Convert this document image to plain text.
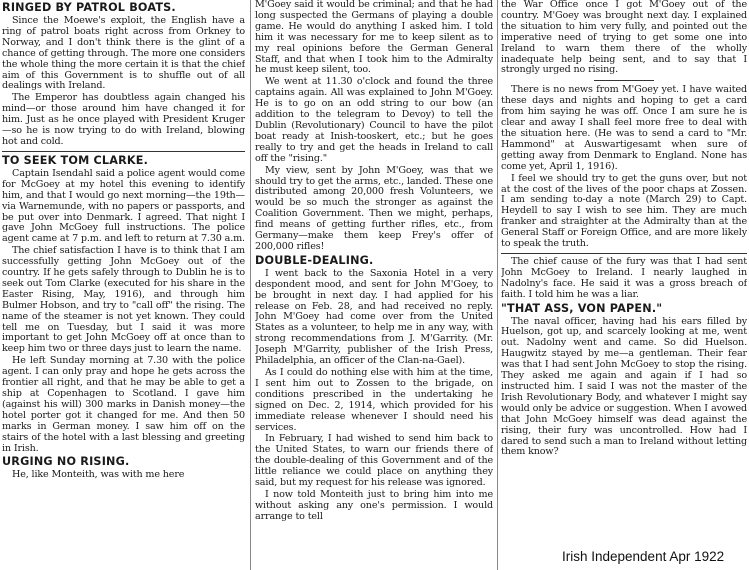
RINGED BY PATROL BOATS.

Since the Moewe's exploit, the English have a ring of patrol boats right across from Orkney to Norway, and I don't think there is the glint of a chance of getting through. The more one considers the whole thing the more certain it is that the chief aim of this Government is to shuffle out of all dealings with Ireland.

The Emperor has doubtless again changed his mind—or those around him have changed it for him. Just as he once played with President Kruger—so he is now trying to do with Ireland, blowing hot and cold.

TO SEEK TOM CLARKE.

Captain Isendahl said a police agent would come for McGoey at my hotel this evening to identify him, and that I would go next morning—the 19th—via Warnemunde, with no papers or passports, and be put over into Denmark. I agreed. That night I gave John McGoey full instructions. The police agent came at 7 p.m. and left to return at 7.30 a.m.

The chief satisfaction I have is to think that I am successfully getting John McGoey out of the country. If he gets safely through to Dublin he is to seek out Tom Clarke (executed for his share in the Easter Rising, May, 1916), and through him Bulmer Hobson, and try to "call off" the rising. The name of the steamer is not yet known. They could tell me on Tuesday, but I said it was more important to get John McGoey off at once than to keep him two or three days just to learn the name.

He left Sunday morning at 7.30 with the police agent. I can only pray and hope he gets across the frontier all right, and that he may be able to get a ship at Copenhagen to Scotland. I gave him (against his will) 300 marks in Danish money—the hotel porter got it changed for me. And then 50 marks in German money. I saw him off on the stairs of the hotel with a last blessing and greeting in Irish.

URGING NO RISING.

He, like Monteith, was with me here

M'Goey said it would be criminal; and that he had long suspected the Germans of playing a double game. He would do anything I asked him. I told him it was necessary for me to keep silent as to my real opinions before the German General Staff, and that when I took him to the Admiralty he must keep silent, too.

We went at 11.30 o'clock and found the three captains again. All was explained to John M'Goey. He is to go on an odd string to our bow (an addition to the telegram to Devoy) to tell the Dublin (Revolutionary) Council to have the pilot boat ready at Inish-tooskert, etc.; but he goes really to try and get the heads in Ireland to call off the "rising."

My view, sent by John M'Goey, was that we should try to get the arms, etc., landed. These one distributed among 20,000 fresh Volunteers, we would be so much the stronger as against the Coalition Government. Then we might, perhaps, find means of getting further rifles, etc., from Germany—make them keep Frey's offer of 200,000 rifles!

DOUBLE-DEALING.

I went back to the Saxonia Hotel in a very despondent mood, and sent for John M'Goey, to be brought in next day. I had applied for his release on Feb. 28, and had received no reply. John M'Goey had come over from the United States as a volunteer, to help me in any way, with strong recommendations from J. M'Garrity. (Mr. Joseph M'Garrity, publisher of the Irish Press, Philadelphia, an officer of the Clan-na-Gael).

As I could do nothing else with him at the time, I sent him out to Zossen to the brigade, on conditions prescribed in the undertaking he signed on Dec. 2, 1914, which provided for his immediate release whenever I should need his services.

In February, I had wished to send him back to the United States, to warn our friends there of the double-dealing of this Government and of the little reliance we could place on anything they said, but my request for his release was ignored.

I now told Monteith just to bring him into me without asking any one's permission. I would arrange to tell

the War Office once I got M'Goey out of the country. M'Goey was brought next day. I explained the situation to him very fully, and pointed out the imperative need of trying to get some one into Ireland to warn them there of the wholly inadequate help being sent, and to say that I strongly urged no rising.

There is no news from M'Goey yet. I have waited these days and nights and hoping to get a card from him saying he was off. Once I am sure he is clear and away I shall feel more free to deal with the situation here. (He was to send a card to "Mr. Hammond" at Auswartigesamt when sure of getting away from Denmark to England. None has come yet, April 1, 1916).

I feel we should try to get the guns over, but not at the cost of the lives of the poor chaps at Zossen. I am sending to-day a note (March 29) to Capt. Heydell to say I wish to see him. They are much franker and straighter at the Admiralty than at the General Staff or Foreign Office, and are more likely to speak the truth.

The chief cause of the fury was that I had sent John McGoey to Ireland. I nearly laughed in Nadolny's face. He said it was a gross breach of faith. I told him he was a liar.

"THAT ASS, VON PAPEN."

The naval officer, having had his ears filled by Huelson, got up, and scarcely looking at me, went out. Nadolny went and came. So did Huelson. Haugwitz stayed by me—a gentleman. Their fear was that I had sent John McGoey to stop the rising. They asked me again and again if I had so instructed him. I said I was not the master of the Irish Revolutionary Body, and whatever I might say would only be advice or suggestion. When I avowed that John McGoey himself was dead against the rising, their fury was uncontrolled. How had I dared to send such a man to Ireland without letting them know?

Irish Independent Apr 1922
